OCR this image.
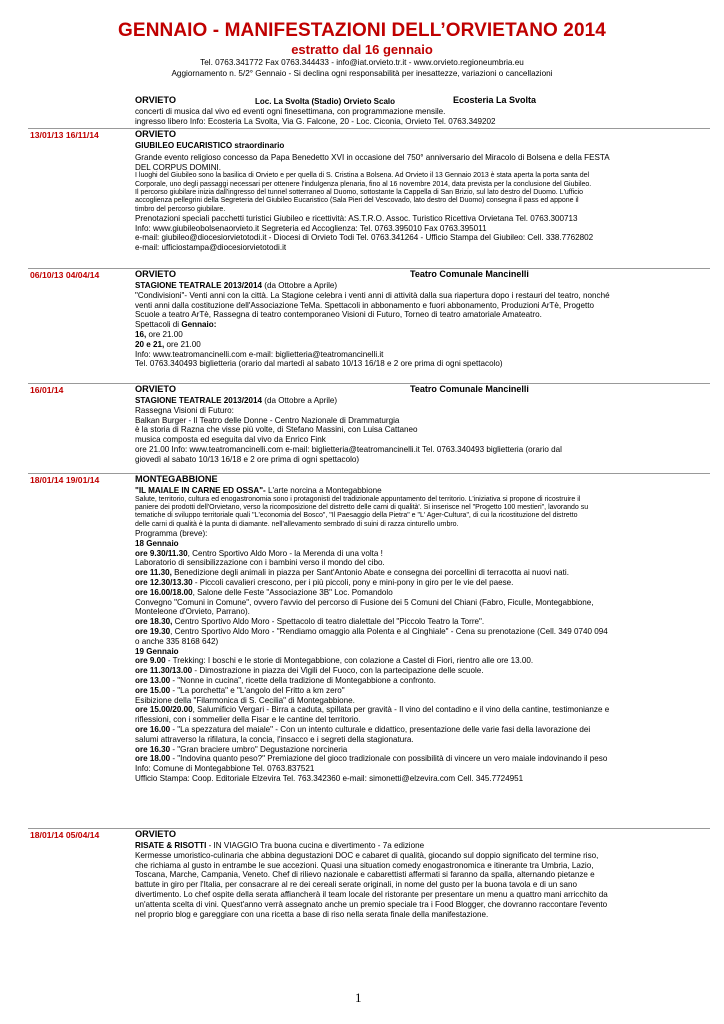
GENNAIO - MANIFESTAZIONI DELL’ORVIETANO 2014
estratto dal 16 gennaio
Tel. 0763.341772 Fax 0763.344433 - info@iat.orvieto.tr.it - www.orvieto.regioneumbria.eu
Aggiornamento n. 5/2° Gennaio - Si declina ogni responsabilità per inesattezze, variazioni o cancellazioni
ORVIETO	Loc. La Svolta (Stadio) Orvieto Scalo	Ecosteria La Svolta

concerti di musica dal vivo ed eventi ogni finesettimana, con programmazione mensile.

ingresso libero Info: Ecosteria La Svolta, Via G. Falcone, 20 - Loc. Ciconia, Orvieto Tel. 0763.349202

13/01/13 16/11/14	ORVIETO

GIUBILEO EUCARISTICO straordinario

Grande evento religioso concesso da Papa Benedetto XVI in occasione del 750° anniversario del Miracolo di Bolsena e della FESTA

DEL CORPUS DOMINI.

I luoghi del Giubileo sono la basilica di Orvieto e per quella di S. Cristina a Bolsena. Ad Orvieto il 13 Gennaio 2013 è stata aperta la porta santa del

Corporale, uno degli passaggi necessari per ottenere l'indulgenza plenaria, fino al 16 novembre 2014, data prevista per la conclusione del Giubileo.

Il percorso giubilare inizia dall'ingresso del tunnel sotterraneo al Duomo, sottostante la Cappella di San Brizio, sul lato destro del Duomo. L'ufficio

accoglienza pellegrini della Segreteria del Giubileo Eucaristico (Sala Pieri del Vescovado, lato destro del Duomo) consegna il pass ed appone il

timbro del percorso giubilare.

Prenotazioni speciali pacchetti turistici Giubileo e ricettività: AS.T.R.O. Assoc. Turistico Ricettiva Orvietana Tel. 0763.300713

Info: www.giubileobolsenaorvieto.it Segreteria ed Accoglienza: Tel. 0763.395010 Fax 0763.395011

e-mail: giubileo@diocesiorvietotodi.it - Diocesi di Orvieto Todi Tel. 0763.341264 - Ufficio Stampa del Giubileo: Cell. 338.7762802

e-mail: ufficiostampa@diocesiorvietotodi.it

06/10/13 04/04/14	ORVIETO	Teatro Comunale Mancinelli

STAGIONE TEATRALE 2013/2014 (da Ottobre a Aprile)

"Condivisioni"- Venti anni con la città. La Stagione celebra i venti anni di attività dalla sua riapertura dopo i restauri del teatro, nonché

venti anni dalla costituzione dell'Associazione TeMa. Spettacoli in abbonamento e fuori abbonamento, Produzioni ArTè, Progetto

Scuole a teatro ArTè, Rassegna di teatro contemporaneo Visioni di Futuro, Torneo di teatro amatoriale Amateatro.

Spettacoli di Gennaio:

16, ore 21.00

20 e 21, ore 21.00

Info: www.teatromancinelli.com e-mail: biglietteria@teatromancinelli.it

Tel. 0763.340493 biglietteria (orario dal martedì al sabato 10/13 16/18 e 2 ore prima di ogni spettacolo)

16/01/14	ORVIETO	Teatro Comunale Mancinelli

STAGIONE TEATRALE 2013/2014 (da Ottobre a Aprile)

Rassegna Visioni di Futuro:

Balkan Burger - Il Teatro delle Donne - Centro Nazionale di Drammaturgia

è la storia di Razna che visse più volte, di Stefano Massini, con Luisa Cattaneo

musica composta ed eseguita dal vivo da Enrico Fink

ore 21.00 Info: www.teatromancinelli.com e-mail: biglietteria@teatromancinelli.it Tel. 0763.340493 biglietteria (orario dal

giovedì al sabato 10/13 16/18 e 2 ore prima di ogni spettacolo)

18/01/14 19/01/14	MONTEGABBIONE

"IL MAIALE IN CARNE ED OSSA"- L'arte norcina a Montegabbione

Salute, territorio, cultura ed enogastronomia sono i protagonisti del tradizionale appuntamento del territorio. L'iniziativa si propone di ricostruire il

paniere dei prodotti dell'Orvietano, verso la ricomposizione del distretto delle carni di qualità'. Si inserisce nel "Progetto 100 mestieri", lavorando su

tematiche di sviluppo territoriale quali "L'economia del Bosco", "Il Paesaggio della Pietra" e "L' Ager-Cultura", di cui la ricostituzione del distretto

delle carni di qualità è la punta di diamante. nell'allevamento sembrado di suini di razza cinturello umbro.

Programma (breve):

18 Gennaio

ore 9.30/11.30, Centro Sportivo Aldo Moro - la Merenda di una volta !

Laboratorio di sensibilizzazione con i bambini verso il mondo del cibo.

ore 11.30, Benedizione degli animali in piazza per Sant'Antonio Abate e consegna dei porcellini di terracotta ai nuovi nati.

ore 12.30/13.30 - Piccoli cavalieri crescono, per i più piccoli, pony e mini-pony in giro per le vie del paese.

ore 16.00/18.00, Salone delle Feste "Associazione 3B" Loc. Pomandolo

Convegno "Comuni in Comune", ovvero l'avvio del percorso di Fusione dei 5 Comuni del Chiani (Fabro, Ficulle, Montegabbione,

Monteleone d'Orvieto, Parrano).

ore 18.30, Centro Sportivo Aldo Moro - Spettacolo di teatro dialettale del "Piccolo Teatro la Torre".

ore 19.30, Centro Sportivo Aldo Moro - "Rendiamo omaggio alla Polenta e al Cinghiale" - Cena su prenotazione (Cell. 349 0740 094

o anche 335 8168 642)

19 Gennaio

ore 9.00 - Trekking: I boschi e le storie di Montegabbione, con colazione a Castel di Fiori, rientro alle ore 13.00.

ore 11.30/13.00 - Dimostrazione in piazza dei Vigili del Fuoco, con la partecipazione delle scuole.

ore 13.00 - "Nonne in cucina", ricette della tradizione di Montegabbione a confronto.

ore 15.00 - "La porchetta" e "L'angolo del Fritto a km zero"

Esibizione della "Filarmonica di S. Cecilia" di Montegabbione.

ore 15.00/20.00, Salumificio Vergari - Birra a caduta, spillata per gravità - Il vino del contadino e il vino della cantine, testimonianze e

riflessioni, con i sommelier della Fisar e le cantine del territorio.

ore 16.00 - "La spezzatura del maiale" - Con un intento culturale e didattico, presentazione delle varie fasi della lavorazione dei

salumi attraverso la rifilatura, la concia, l'insacco e i segreti della stagionatura.

ore 16.30 - "Gran braciere umbro" Degustazione norcineria

ore 18.00 - "Indovina quanto peso?" Premiazione del gioco tradizionale con possibilità di vincere un vero maiale indovinando il peso

Info: Comune di Montegabbione Tel. 0763.837521

Ufficio Stampa: Coop. Editoriale Elzevira Tel. 763.342360 e-mail: simonetti@elzevira.com Cell. 345.7724951

18/01/14 05/04/14	ORVIETO

RISATE & RISOTTI - IN VIAGGIO Tra buona cucina e divertimento - 7a edizione

Kermesse umoristico-culinaria che abbina degustazioni DOC e cabaret di qualità, giocando sul doppio significato del termine riso,

che richiama al gusto in entrambe le sue accezioni. Quasi una situation comedy enogastronomica e itinerante tra Umbria, Lazio,

Toscana, Marche, Campania, Veneto. Chef di rilievo nazionale e cabarettisti affermati si faranno da spalla, alternando pietanze e

battute in giro per l'Italia, per consacrare al re dei cereali serate originali, in nome del gusto per la buona tavola e di un sano

divertimento. Lo chef ospite della serata affiancherà il team locale del ristorante per presentare un menu a quattro mani arricchito da

un'attenta scelta di vini. Quest'anno verrà assegnato anche un premio speciale tra i Food Blogger, che dovranno raccontare l'evento

nel proprio blog e gareggiare con una ricetta a base di riso nella serata finale della manifestazione.

1
